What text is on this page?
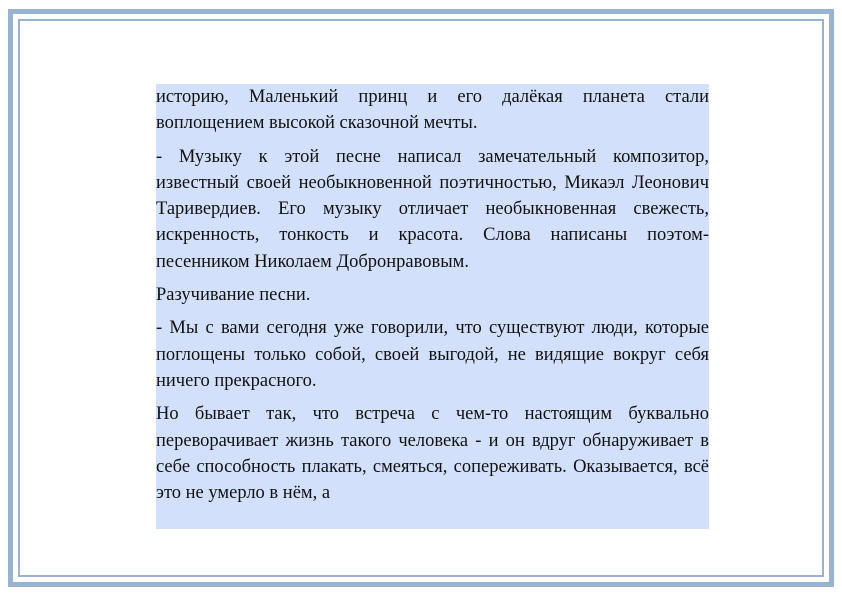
историю, Маленький принц и его далёкая планета стали воплощением высокой сказочной мечты.

- Музыку к этой песне написал замечательный композитор, известный своей необыкновенной поэтичностью, Микаэл Леонович Таривердиев. Его музыку отличает необыкновенная свежесть, искренность, тонкость и красота. Слова написаны поэтом-песенником Николаем Добронравовым.

Разучивание песни.

- Мы с вами сегодня уже говорили, что существуют люди, которые поглощены только собой, своей выгодой, не видящие вокруг себя ничего прекрасного.

Но бывает так, что встреча с чем-то настоящим буквально переворачивает жизнь такого человека - и он вдруг обнаруживает в себе способность плакать, смеяться, сопереживать. Оказывается, всё это не умерло в нём, а
